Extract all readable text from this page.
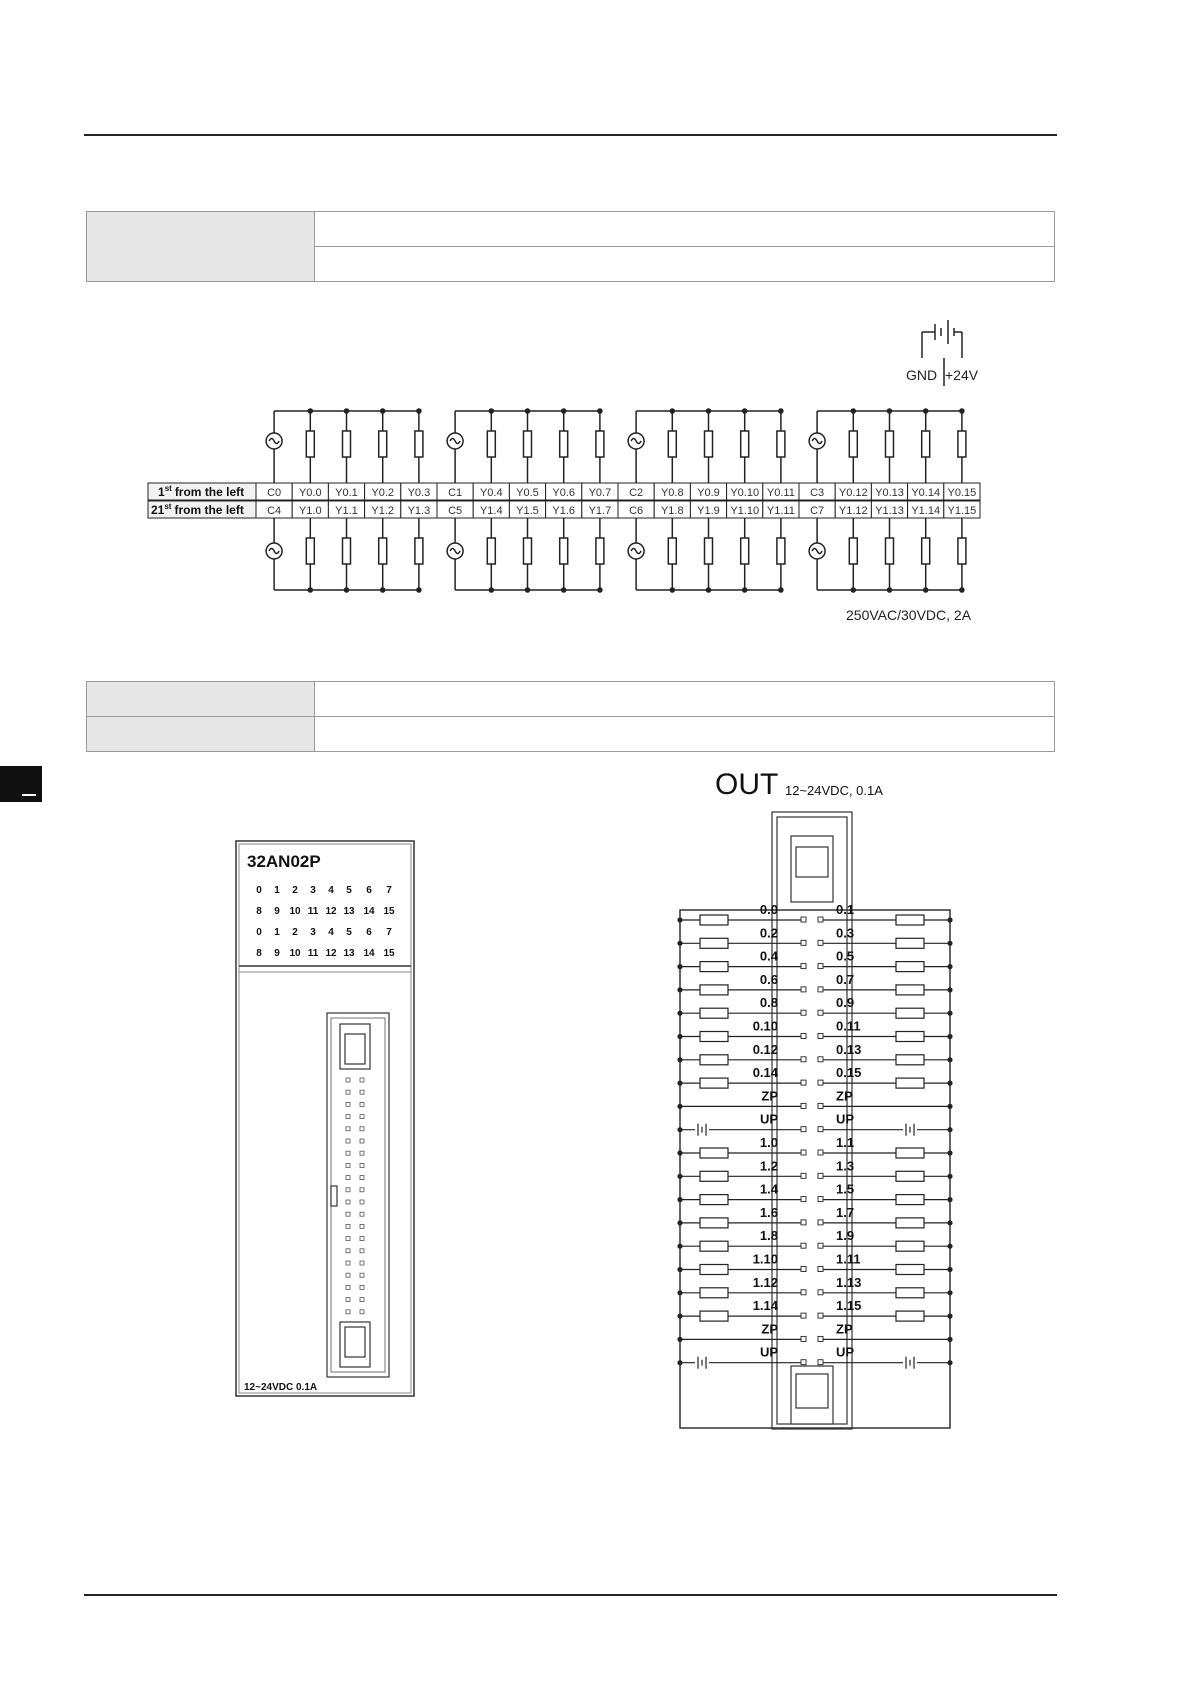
GND +24V
1st from the left
21st from the left
C0 Y0.0 Y0.1 Y0.2 Y0.3 C1 Y0.4 Y0.5 Y0.6 Y0.7 C2 Y0.8 Y0.9 Y0.10 Y0.11 C3 Y0.12 Y0.13 Y0.14 Y0.15
C4 Y1.0 Y1.1 Y1.2 Y1.3 C5 Y1.4 Y1.5 Y1.6 Y1.7 C6 Y1.8 Y1.9 Y1.10 Y1.11 C7 Y1.12 Y1.13 Y1.14 Y1.15
250VAC/30VDC, 2A

32AN02P
0 1 2 3 4 5 6 7
8 9 10 11 12 13 14 15
0 1 2 3 4 5 6 7
8 9 10 11 12 13 14 15
12~24VDC 0.1A
OUT 12~24VDC, 0.1A
0.0	0.1
0.2	0.3
0.4	0.5
0.6	0.7
0.8	0.9
0.10	0.11
0.12	0.13
0.14	0.15
ZP	ZP
UP	UP
1.0	1.1
1.2	1.3
1.4	1.5
1.6	1.7
1.8	1.9
1.10	1.11
1.12	1.13
1.14	1.15
ZP	ZP
UP	UP
